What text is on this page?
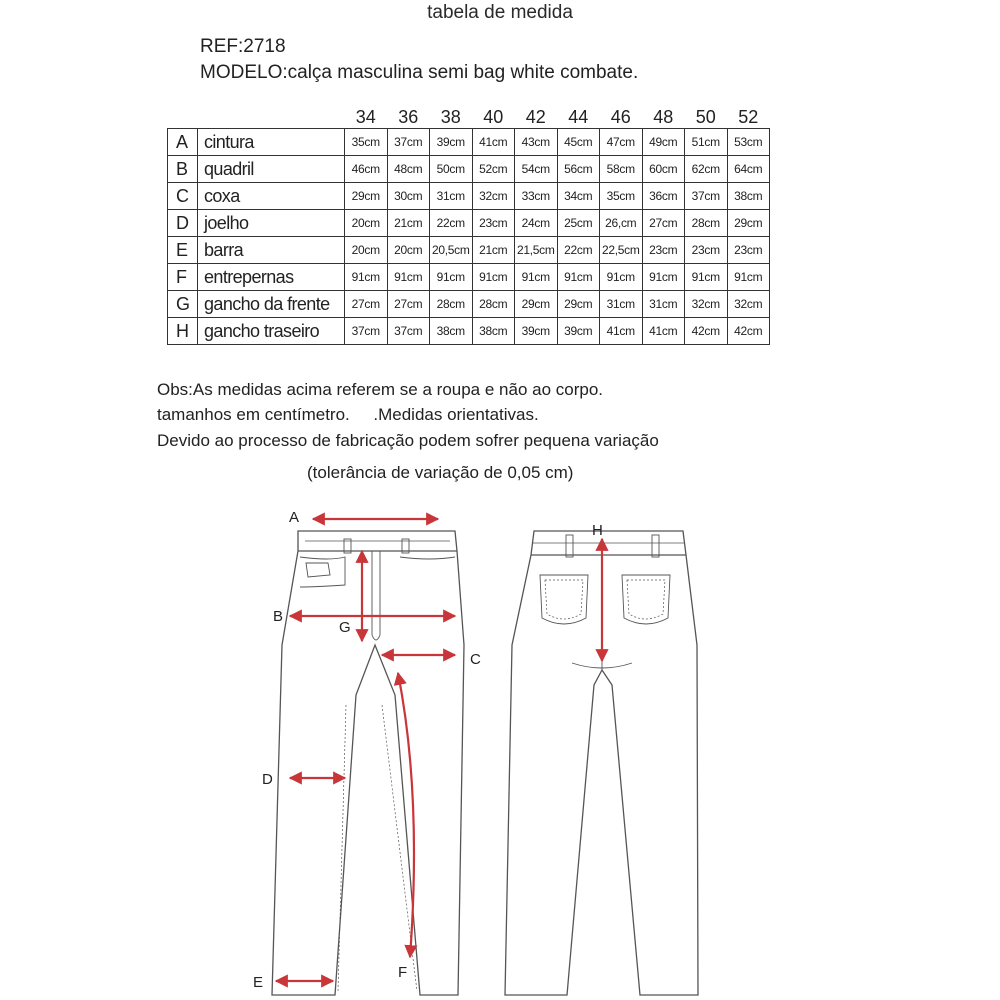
tabela de medida
REF:2718
MODELO:calça masculina semi bag white combate.
		34	36	38	40	42	44	46	48	50	52
A	cintura	35cm	37cm	39cm	41cm	43cm	45cm	47cm	49cm	51cm	53cm
B	quadril	46cm	48cm	50cm	52cm	54cm	56cm	58cm	60cm	62cm	64cm
C	coxa	29cm	30cm	31cm	32cm	33cm	34cm	35cm	36cm	37cm	38cm
D	joelho	20cm	21cm	22cm	23cm	24cm	25cm	26,cm	27cm	28cm	29cm
E	barra	20cm	20cm	20,5cm	21cm	21,5cm	22cm	22,5cm	23cm	23cm	23cm
F	entrepernas	91cm	91cm	91cm	91cm	91cm	91cm	91cm	91cm	91cm	91cm
G	gancho da frente	27cm	27cm	28cm	28cm	29cm	29cm	31cm	31cm	32cm	32cm
H	gancho traseiro	37cm	37cm	38cm	38cm	39cm	39cm	41cm	41cm	42cm	42cm
Obs:As medidas acima referem se a roupa e não ao corpo.
tamanhos em centímetro.     .Medidas orientativas.
Devido ao processo de fabricação podem sofrer pequena variação
(tolerância de variação de 0,05 cm)
A
B
G
C
D
F
E
H
